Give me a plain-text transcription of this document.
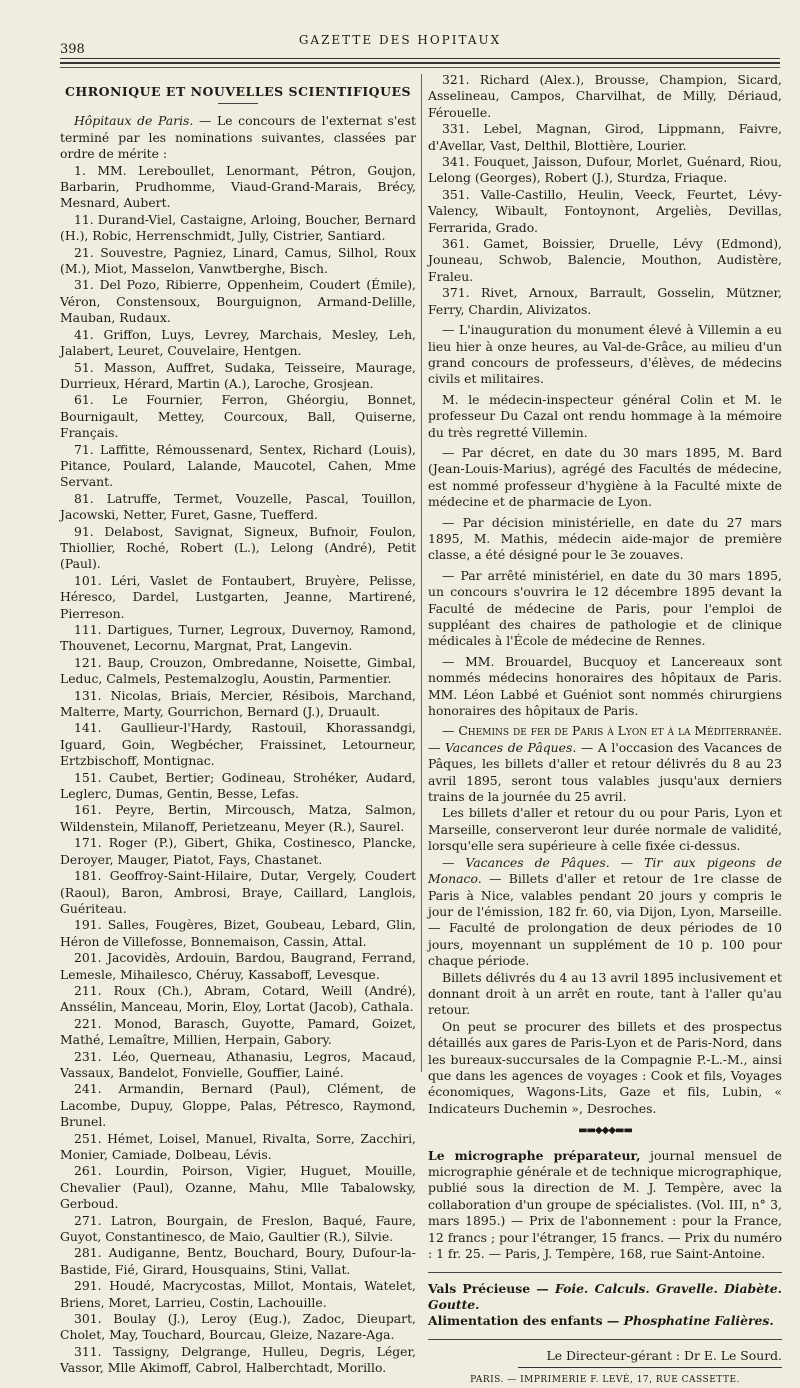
398
GAZETTE DES HOPITAUX
CHRONIQUE ET NOUVELLES SCIENTIFIQUES

Hôpitaux de Paris. — Le concours de l'externat s'est terminé par les nominations suivantes, classées par ordre de mérite :

1. MM. Lereboullet, Lenormant, Pétron, Goujon, Barbarin, Prudhomme, Viaud-Grand-Marais, Brécy, Mesnard, Aubert.

11. Durand-Viel, Castaigne, Arloing, Boucher, Bernard (H.), Robic, Herrenschmidt, Jully, Cistrier, Santiard.

21. Souvestre, Pagniez, Linard, Camus, Silhol, Roux (M.), Miot, Masselon, Vanwtberghe, Bisch.

31. Del Pozo, Ribierre, Oppenheim, Coudert (Émile), Véron, Constensoux, Bourguignon, Armand-Delille, Mauban, Rudaux.

41. Griffon, Luys, Levrey, Marchais, Mesley, Leh, Jalabert, Leuret, Couvelaire, Hentgen.

51. Masson, Auffret, Sudaka, Teisseire, Maurage, Durrieux, Hérard, Martin (A.), Laroche, Grosjean.

61. Le Fournier, Ferron, Ghéorgiu, Bonnet, Bournigault, Mettey, Courcoux, Ball, Quiserne, Français.

71. Laffitte, Rémoussenard, Sentex, Richard (Louis), Pitance, Poulard, Lalande, Maucotel, Cahen, Mme Servant.

81. Latruffe, Termet, Vouzelle, Pascal, Touillon, Jacowski, Netter, Furet, Gasne, Tuefferd.

91. Delabost, Savignat, Signeux, Bufnoir, Foulon, Thiollier, Roché, Robert (L.), Lelong (André), Petit (Paul).

101. Léri, Vaslet de Fontaubert, Bruyère, Pelisse, Héresco, Dardel, Lustgarten, Jeanne, Martirené, Pierreson.

111. Dartigues, Turner, Legroux, Duvernoy, Ramond, Thouvenet, Lecornu, Margnat, Prat, Langevin.

121. Baup, Crouzon, Ombredanne, Noisette, Gimbal, Leduc, Calmels, Pestemalzoglu, Aoustin, Parmentier.

131. Nicolas, Briais, Mercier, Résibois, Marchand, Malterre, Marty, Gourrichon, Bernard (J.), Druault.

141. Gaullieur-l'Hardy, Rastouil, Khorassandgi, Iguard, Goin, Wegbécher, Fraissinet, Letourneur, Ertzbischoff, Montignac.

151. Caubet, Bertier; Godineau, Strohéker, Audard, Leglerc, Dumas, Gentin, Besse, Lefas.

161. Peyre, Bertin, Mircousch, Matza, Salmon, Wildenstein, Milanoff, Perietzeanu, Meyer (R.), Saurel.

171. Roger (P.), Gibert, Ghika, Costinesco, Plancke, Deroyer, Mauger, Piatot, Fays, Chastanet.

181. Geoffroy-Saint-Hilaire, Dutar, Vergely, Coudert (Raoul), Baron, Ambrosi, Braye, Caillard, Langlois, Guériteau.

191. Salles, Fougères, Bizet, Goubeau, Lebard, Glin, Héron de Villefosse, Bonnemaison, Cassin, Attal.

201. Jacovidès, Ardouin, Bardou, Baugrand, Ferrand, Lemesle, Mihailesco, Chéruy, Kassaboff, Levesque.

211. Roux (Ch.), Abram, Cotard, Weill (André), Anssélin, Manceau, Morin, Eloy, Lortat (Jacob), Cathala.

221. Monod, Barasch, Guyotte, Pamard, Goizet, Mathé, Lemaître, Millien, Herpain, Gabory.

231. Léo, Querneau, Athanasiu, Legros, Macaud, Vassaux, Bandelot, Fonvielle, Gouffier, Lainé.

241. Armandin, Bernard (Paul), Clément, de Lacombe, Dupuy, Gloppe, Palas, Pétresco, Raymond, Brunel.

251. Hémet, Loisel, Manuel, Rivalta, Sorre, Zacchiri, Monier, Camiade, Dolbeau, Lévis.

261. Lourdin, Poirson, Vigier, Huguet, Mouille, Chevalier (Paul), Ozanne, Mahu, Mlle Tabalowsky, Gerboud.

271. Latron, Bourgain, de Freslon, Baqué, Faure, Guyot, Constantinesco, de Maio, Gaultier (R.), Silvie.

281. Audiganne, Bentz, Bouchard, Boury, Dufour-la-Bastide, Fié, Girard, Housquains, Stini, Vallat.

291. Houdé, Macrycostas, Millot, Montais, Watelet, Briens, Moret, Larrieu, Costin, Lachouille.

301. Boulay (J.), Leroy (Eug.), Zadoc, Dieupart, Cholet, May, Touchard, Bourcau, Gleize, Nazare-Aga.

311. Tassigny, Delgrange, Hulleu, Degris, Léger, Vassor, Mlle Akimoff, Cabrol, Halberchtadt, Morillo.

321. Richard (Alex.), Brousse, Champion, Sicard, Asselineau, Campos, Charvilhat, de Milly, Dériaud, Férouelle.

331. Lebel, Magnan, Girod, Lippmann, Faivre, d'Avellar, Vast, Delthil, Blottière, Lourier.

341. Fouquet, Jaisson, Dufour, Morlet, Guénard, Riou, Lelong (Georges), Robert (J.), Sturdza, Friaque.

351. Valle-Castillo, Heulin, Veeck, Feurtet, Lévy-Valency, Wibault, Fontoynont, Argeliès, Devillas, Ferrarida, Grado.

361. Gamet, Boissier, Druelle, Lévy (Edmond), Jouneau, Schwob, Balencie, Mouthon, Audistère, Fraleu.

371. Rivet, Arnoux, Barrault, Gosselin, Mützner, Ferry, Chardin, Alivizatos.

— L'inauguration du monument élevé à Villemin a eu lieu hier à onze heures, au Val-de-Grâce, au milieu d'un grand concours de professeurs, d'élèves, de médecins civils et militaires.

M. le médecin-inspecteur général Colin et M. le professeur Du Cazal ont rendu hommage à la mémoire du très regretté Villemin.

— Par décret, en date du 30 mars 1895, M. Bard (Jean-Louis-Marius), agrégé des Facultés de médecine, est nommé professeur d'hygiène à la Faculté mixte de médecine et de pharmacie de Lyon.

— Par décision ministérielle, en date du 27 mars 1895, M. Mathis, médecin aide-major de première classe, a été désigné pour le 3e zouaves.

— Par arrêté ministériel, en date du 30 mars 1895, un concours s'ouvrira le 12 décembre 1895 devant la Faculté de médecine de Paris, pour l'emploi de suppléant des chaires de pathologie et de clinique médicales à l'École de médecine de Rennes.

— MM. Brouardel, Bucquoy et Lancereaux sont nommés médecins honoraires des hôpitaux de Paris. MM. Léon Labbé et Guéniot sont nommés chirurgiens honoraires des hôpitaux de Paris.

— Chemins de fer de Paris à Lyon et à la Méditerranée. — Vacances de Pâques. — A l'occasion des Vacances de Pâques, les billets d'aller et retour délivrés du 8 au 23 avril 1895, seront tous valables jusqu'aux derniers trains de la journée du 25 avril.

Les billets d'aller et retour du ou pour Paris, Lyon et Marseille, conserveront leur durée normale de validité, lorsqu'elle sera supérieure à celle fixée ci-dessus.

— Vacances de Pâques. — Tir aux pigeons de Monaco. — Billets d'aller et retour de 1re classe de Paris à Nice, valables pendant 20 jours y compris le jour de l'émission, 182 fr. 60, via Dijon, Lyon, Marseille. — Faculté de prolongation de deux périodes de 10 jours, moyennant un supplément de 10 p. 100 pour chaque période.

Billets délivrés du 4 au 13 avril 1895 inclusivement et donnant droit à un arrêt en route, tant à l'aller qu'au retour.

On peut se procurer des billets et des prospectus détaillés aux gares de Paris-Lyon et de Paris-Nord, dans les bureaux-succursales de la Compagnie P.-L.-M., ainsi que dans les agences de voyages : Cook et fils, Voyages économiques, Wagons-Lits, Gaze et fils, Lubin, « Indicateurs Duchemin », Desroches.

▬▬◆◆◆▬▬

Le micrographe préparateur, journal mensuel de micrographie générale et de technique micrographique, publié sous la direction de M. J. Tempère, avec la collaboration d'un groupe de spécialistes. (Vol. III, n° 3, mars 1895.) — Prix de l'abonnement : pour la France, 12 francs ; pour l'étranger, 15 francs. — Prix du numéro : 1 fr. 25. — Paris, J. Tempère, 168, rue Saint-Antoine.

Vals Précieuse — Foie. Calculs. Gravelle. Diabète. Goutte.

Alimentation des enfants — Phosphatine Falières.

Le Directeur-gérant : Dr E. Le Sourd.
PARIS. — IMPRIMERIE F. LEVÉ, 17, RUE CASSETTE.
